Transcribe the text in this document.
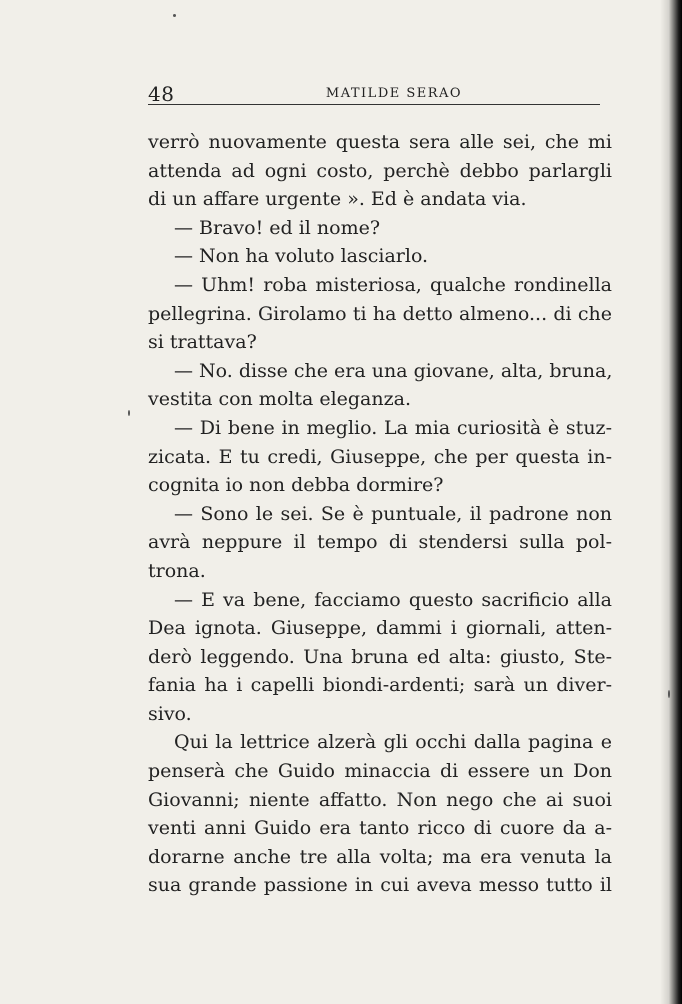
48	MATILDE SERAO
verrò nuovamente questa sera alle sei, che mi
attenda ad ogni costo, perchè debbo parlargli
di un affare urgente ». Ed è andata via.
— Bravo! ed il nome?
— Non ha voluto lasciarlo.
— Uhm! roba misteriosa, qualche rondinella
pellegrina. Girolamo ti ha detto almeno... di che
si trattava?
— No. disse che era una giovane, alta, bruna,
vestita con molta eleganza.
— Di bene in meglio. La mia curiosità è stuz-
zicata. E tu credi, Giuseppe, che per questa in-
cognita io non debba dormire?
— Sono le sei. Se è puntuale, il padrone non
avrà neppure il tempo di stendersi sulla pol-
trona.
— E va bene, facciamo questo sacrificio alla
Dea ignota. Giuseppe, dammi i giornali, atten-
derò leggendo. Una bruna ed alta: giusto, Ste-
fania ha i capelli biondi-ardenti; sarà un diver-
sivo.
Qui la lettrice alzerà gli occhi dalla pagina e
penserà che Guido minaccia di essere un Don
Giovanni; niente affatto. Non nego che ai suoi
venti anni Guido era tanto ricco di cuore da a-
dorarne anche tre alla volta; ma era venuta la
sua grande passione in cui aveva messo tutto il
